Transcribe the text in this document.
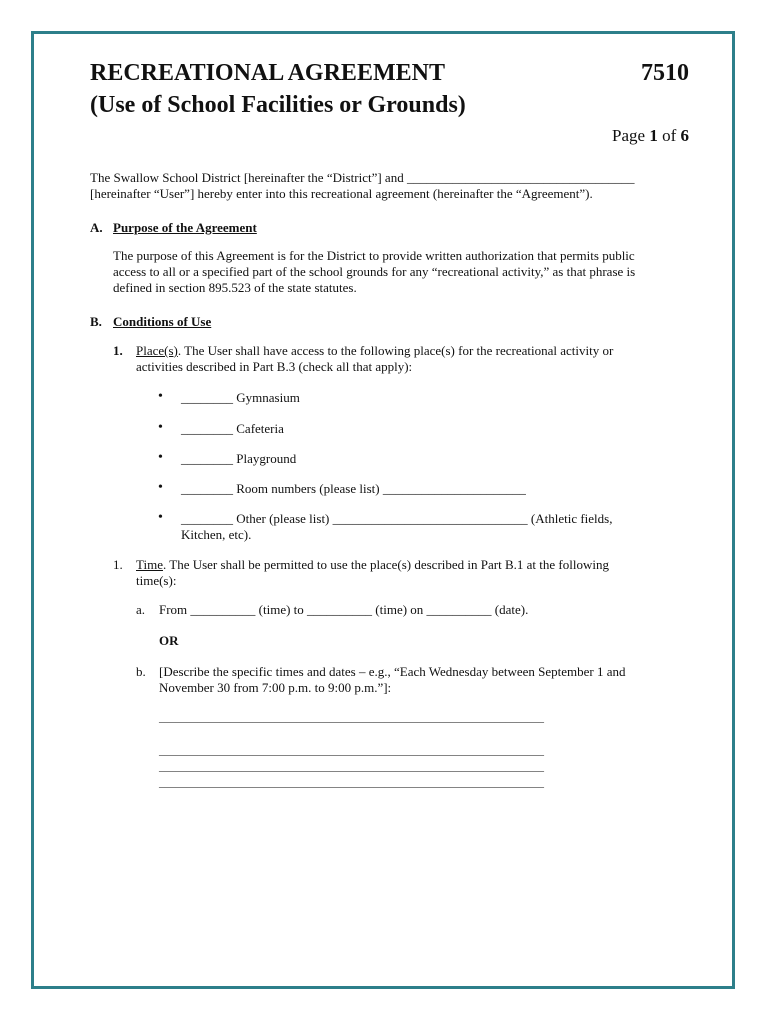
RECREATIONAL AGREEMENT
(Use of School Facilities or Grounds)
7510
Page 1 of 6
The Swallow School District [hereinafter the “District”] and ___________________________________
[hereinafter “User”] hereby enter into this recreational agreement (hereinafter the “Agreement”).
A. Purpose of the Agreement
The purpose of this Agreement is for the District to provide written authorization that permits public
access to all or a specified part of the school grounds for any “recreational activity,” as that phrase is
defined in section 895.523 of the state statutes.
B. Conditions of Use
1. Place(s). The User shall have access to the following place(s) for the recreational activity or
activities described in Part B.3 (check all that apply):
• ________ Gymnasium
• ________ Cafeteria
• ________ Playground
• ________ Room numbers (please list) ______________________
• ________ Other (please list) ______________________________ (Athletic fields,
Kitchen, etc).
1. Time. The User shall be permitted to use the place(s) described in Part B.1 at the following
time(s):
a. From __________ (time) to __________ (time) on __________ (date).
OR
b. [Describe the specific times and dates – e.g., “Each Wednesday between September 1 and
November 30 from 7:00 p.m. to 9:00 p.m.”]:
______________________________________________________________________
______________________________________________________________________
______________________________________________________________________
______________________________________________________________________
